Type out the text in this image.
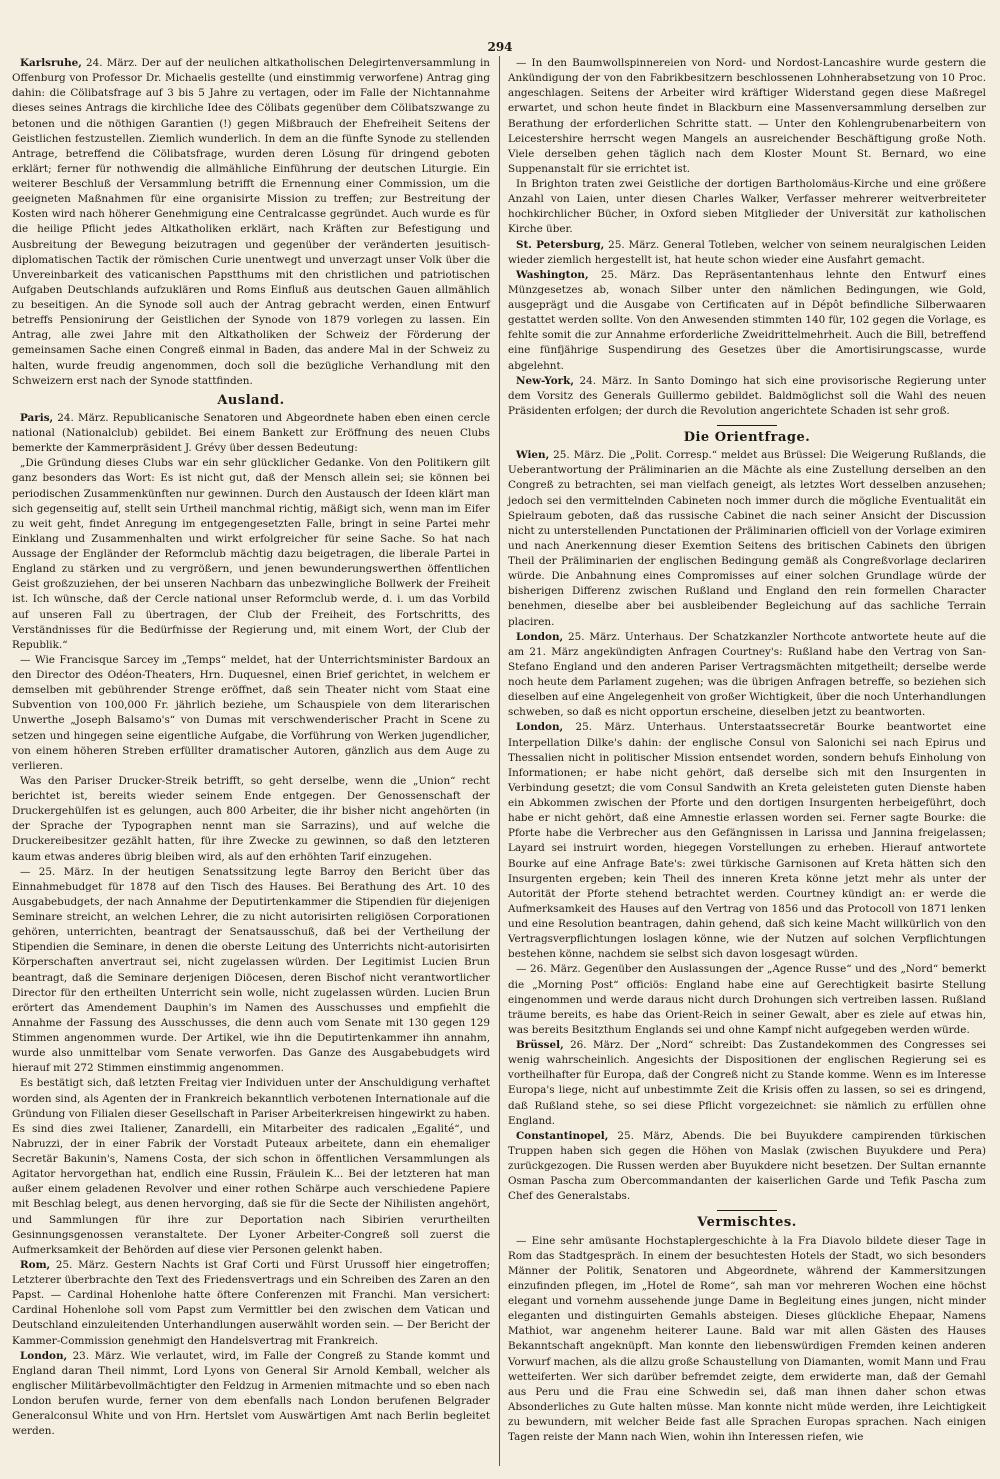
294

Karlsruhe, 24. März. Der auf der neulichen altkatholischen Delegirtenversammlung in Offenburg von Professor Dr. Michaelis gestellte (und einstimmig verworfene) Antrag ging dahin: die Cölibatsfrage auf 3 bis 5 Jahre zu vertagen, oder im Falle der Nichtannahme dieses seines Antrags die kirchliche Idee des Cölibats gegenüber dem Cölibatszwange zu betonen und die nöthigen Garantien (!) gegen Mißbrauch der Ehefreiheit Seitens der Geistlichen festzustellen. Ziemlich wunderlich. In dem an die fünfte Synode zu stellenden Antrage, betreffend die Cölibatsfrage, wurden deren Lösung für dringend geboten erklärt; ferner für nothwendig die allmähliche Einführung der deutschen Liturgie. Ein weiterer Beschluß der Versammlung betrifft die Ernennung einer Commission, um die geeigneten Maßnahmen für eine organisirte Mission zu treffen; zur Bestreitung der Kosten wird nach höherer Genehmigung eine Centralcasse gegründet. Auch wurde es für die heilige Pflicht jedes Altkatholiken erklärt, nach Kräften zur Befestigung und Ausbreitung der Bewegung beizutragen und gegenüber der veränderten jesuitisch-diplomatischen Tactik der römischen Curie unentwegt und unverzagt unser Volk über die Unvereinbarkeit des vaticanischen Papstthums mit den christlichen und patriotischen Aufgaben Deutschlands aufzuklären und Roms Einfluß aus deutschen Gauen allmählich zu beseitigen. An die Synode soll auch der Antrag gebracht werden, einen Entwurf betreffs Pensionirung der Geistlichen der Synode von 1879 vorlegen zu lassen. Ein Antrag, alle zwei Jahre mit den Altkatholiken der Schweiz der Förderung der gemeinsamen Sache einen Congreß einmal in Baden, das andere Mal in der Schweiz zu halten, wurde freudig angenommen, doch soll die bezügliche Verhandlung mit den Schweizern erst nach der Synode stattfinden.

Ausland.

Paris, 24. März. Republicanische Senatoren und Abgeordnete haben eben einen cercle national (Nationalclub) gebildet. Bei einem Bankett zur Eröffnung des neuen Clubs bemerkte der Kammerpräsident J. Grévy über dessen Bedeutung:

„Die Gründung dieses Clubs war ein sehr glücklicher Gedanke. Von den Politikern gilt ganz besonders das Wort: Es ist nicht gut, daß der Mensch allein sei; sie können bei periodischen Zusammenkünften nur gewinnen. Durch den Austausch der Ideen klärt man sich gegenseitig auf, stellt sein Urtheil manchmal richtig, mäßigt sich, wenn man im Eifer zu weit geht, findet Anregung im entgegengesetzten Falle, bringt in seine Partei mehr Einklang und Zusammenhalten und wirkt erfolgreicher für seine Sache. So hat nach Aussage der Engländer der Reformclub mächtig dazu beigetragen, die liberale Partei in England zu stärken und zu vergrößern, und jenen bewunderungswerthen öffentlichen Geist großzuziehen, der bei unseren Nachbarn das unbezwingliche Bollwerk der Freiheit ist. Ich wünsche, daß der Cercle national unser Reformclub werde, d. i. um das Vorbild auf unseren Fall zu übertragen, der Club der Freiheit, des Fortschritts, des Verständnisses für die Bedürfnisse der Regierung und, mit einem Wort, der Club der Republik.“

— Wie Francisque Sarcey im „Temps“ meldet, hat der Unterrichtsminister Bardoux an den Director des Odéon-Theaters, Hrn. Duquesnel, einen Brief gerichtet, in welchem er demselben mit gebührender Strenge eröffnet, daß sein Theater nicht vom Staat eine Subvention von 100,000 Fr. jährlich beziehe, um Schauspiele von dem literarischen Unwerthe „Joseph Balsamo's“ von Dumas mit verschwenderischer Pracht in Scene zu setzen und hingegen seine eigentliche Aufgabe, die Vorführung von Werken jugendlicher, von einem höheren Streben erfüllter dramatischer Autoren, gänzlich aus dem Auge zu verlieren.

Was den Pariser Drucker-Streik betrifft, so geht derselbe, wenn die „Union“ recht berichtet ist, bereits wieder seinem Ende entgegen. Der Genossenschaft der Druckergehülfen ist es gelungen, auch 800 Arbeiter, die ihr bisher nicht angehörten (in der Sprache der Typographen nennt man sie Sarrazins), und auf welche die Druckereibesitzer gezählt hatten, für ihre Zwecke zu gewinnen, so daß den letzteren kaum etwas anderes übrig bleiben wird, als auf den erhöhten Tarif einzugehen.

— 25. März. In der heutigen Senatssitzung legte Barroy den Bericht über das Einnahmebudget für 1878 auf den Tisch des Hauses. Bei Berathung des Art. 10 des Ausgabebudgets, der nach Annahme der Deputirtenkammer die Stipendien für diejenigen Seminare streicht, an welchen Lehrer, die zu nicht autorisirten religiösen Corporationen gehören, unterrichten, beantragt der Senatsausschuß, daß bei der Vertheilung der Stipendien die Seminare, in denen die oberste Leitung des Unterrichts nicht-autorisirten Körperschaften anvertraut sei, nicht zugelassen würden. Der Legitimist Lucien Brun beantragt, daß die Seminare derjenigen Diöcesen, deren Bischof nicht verantwortlicher Director für den ertheilten Unterricht sein wolle, nicht zugelassen würden. Lucien Brun erörtert das Amendement Dauphin's im Namen des Ausschusses und empfiehlt die Annahme der Fassung des Ausschusses, die denn auch vom Senate mit 130 gegen 129 Stimmen angenommen wurde. Der Artikel, wie ihn die Deputirtenkammer ihn annahm, wurde also unmittelbar vom Senate verworfen. Das Ganze des Ausgabebudgets wird hierauf mit 272 Stimmen einstimmig angenommen.

Es bestätigt sich, daß letzten Freitag vier Individuen unter der Anschuldigung verhaftet worden sind, als Agenten der in Frankreich bekanntlich verbotenen Internationale auf die Gründung von Filialen dieser Gesellschaft in Pariser Arbeiterkreisen hingewirkt zu haben. Es sind dies zwei Italiener, Zanardelli, ein Mitarbeiter des radicalen „Egalité“, und Nabruzzi, der in einer Fabrik der Vorstadt Puteaux arbeitete, dann ein ehemaliger Secretär Bakunin's, Namens Costa, der sich schon in öffentlichen Versammlungen als Agitator hervorgethan hat, endlich eine Russin, Fräulein K... Bei der letzteren hat man außer einem geladenen Revolver und einer rothen Schärpe auch verschiedene Papiere mit Beschlag belegt, aus denen hervorging, daß sie für die Secte der Nihilisten angehört, und Sammlungen für ihre zur Deportation nach Sibirien verurtheilten Gesinnungsgenossen veranstaltete. Der Lyoner Arbeiter-Congreß soll zuerst die Aufmerksamkeit der Behörden auf diese vier Personen gelenkt haben.

Rom, 25. März. Gestern Nachts ist Graf Corti und Fürst Urussoff hier eingetroffen; Letzterer überbrachte den Text des Friedensvertrags und ein Schreiben des Zaren an den Papst. — Cardinal Hohenlohe hatte öftere Conferenzen mit Franchi. Man versichert: Cardinal Hohenlohe soll vom Papst zum Vermittler bei den zwischen dem Vatican und Deutschland einzuleitenden Unterhandlungen auserwählt worden sein. — Der Bericht der Kammer-Commission genehmigt den Handelsvertrag mit Frankreich.

London, 23. März. Wie verlautet, wird, im Falle der Congreß zu Stande kommt und England daran Theil nimmt, Lord Lyons von General Sir Arnold Kemball, welcher als englischer Militärbevollmächtigter den Feldzug in Armenien mitmachte und so eben nach London berufen wurde, ferner von dem ebenfalls nach London berufenen Belgrader Generalconsul White und von Hrn. Hertslet vom Auswärtigen Amt nach Berlin begleitet werden.

— In den Baumwollspinnereien von Nord- und Nordost-Lancashire wurde gestern die Ankündigung der von den Fabrikbesitzern beschlossenen Lohnherabsetzung von 10 Proc. angeschlagen. Seitens der Arbeiter wird kräftiger Widerstand gegen diese Maßregel erwartet, und schon heute findet in Blackburn eine Massenversammlung derselben zur Berathung der erforderlichen Schritte statt. — Unter den Kohlengrubenarbeitern von Leicestershire herrscht wegen Mangels an ausreichender Beschäftigung große Noth. Viele derselben gehen täglich nach dem Kloster Mount St. Bernard, wo eine Suppenanstalt für sie errichtet ist.

In Brighton traten zwei Geistliche der dortigen Bartholomäus-Kirche und eine größere Anzahl von Laien, unter diesen Charles Walker, Verfasser mehrerer weitverbreiteter hochkirchlicher Bücher, in Oxford sieben Mitglieder der Universität zur katholischen Kirche über.

St. Petersburg, 25. März. General Totleben, welcher von seinem neuralgischen Leiden wieder ziemlich hergestellt ist, hat heute schon wieder eine Ausfahrt gemacht.

Washington, 25. März. Das Repräsentantenhaus lehnte den Entwurf eines Münzgesetzes ab, wonach Silber unter den nämlichen Bedingungen, wie Gold, ausgeprägt und die Ausgabe von Certificaten auf in Dépôt befindliche Silberwaaren gestattet werden sollte. Von den Anwesenden stimmten 140 für, 102 gegen die Vorlage, es fehlte somit die zur Annahme erforderliche Zweidrittelmehrheit. Auch die Bill, betreffend eine fünfjährige Suspendirung des Gesetzes über die Amortisirungscasse, wurde abgelehnt.

New-York, 24. März. In Santo Domingo hat sich eine provisorische Regierung unter dem Vorsitz des Generals Guillermo gebildet. Baldmöglichst soll die Wahl des neuen Präsidenten erfolgen; der durch die Revolution angerichtete Schaden ist sehr groß.

Die Orientfrage.

Wien, 25. März. Die „Polit. Corresp.“ meldet aus Brüssel: Die Weigerung Rußlands, die Ueberantwortung der Präliminarien an die Mächte als eine Zustellung derselben an den Congreß zu betrachten, sei man vielfach geneigt, als letztes Wort desselben anzusehen; jedoch sei den vermittelnden Cabineten noch immer durch die mögliche Eventualität ein Spielraum geboten, daß das russische Cabinet die nach seiner Ansicht der Discussion nicht zu unterstellenden Punctationen der Präliminarien officiell von der Vorlage eximiren und nach Anerkennung dieser Exemtion Seitens des britischen Cabinets den übrigen Theil der Präliminarien der englischen Bedingung gemäß als Congreßvorlage declariren würde. Die Anbahnung eines Compromisses auf einer solchen Grundlage würde der bisherigen Differenz zwischen Rußland und England den rein formellen Character benehmen, dieselbe aber bei ausbleibender Begleichung auf das sachliche Terrain placiren.

London, 25. März. Unterhaus. Der Schatzkanzler Northcote antwortete heute auf die am 21. März angekündigten Anfragen Courtney's: Rußland habe den Vertrag von San-Stefano England und den anderen Pariser Vertragsmächten mitgetheilt; derselbe werde noch heute dem Parlament zugehen; was die übrigen Anfragen betreffe, so beziehen sich dieselben auf eine Angelegenheit von großer Wichtigkeit, über die noch Unterhandlungen schweben, so daß es nicht opportun erscheine, dieselben jetzt zu beantworten.

London, 25. März. Unterhaus. Unterstaatssecretär Bourke beantwortet eine Interpellation Dilke's dahin: der englische Consul von Salonichi sei nach Epirus und Thessalien nicht in politischer Mission entsendet worden, sondern behufs Einholung von Informationen; er habe nicht gehört, daß derselbe sich mit den Insurgenten in Verbindung gesetzt; die vom Consul Sandwith an Kreta geleisteten guten Dienste haben ein Abkommen zwischen der Pforte und den dortigen Insurgenten herbeigeführt, doch habe er nicht gehört, daß eine Amnestie erlassen worden sei. Ferner sagte Bourke: die Pforte habe die Verbrecher aus den Gefängnissen in Larissa und Jannina freigelassen; Layard sei instruirt worden, hiegegen Vorstellungen zu erheben. Hierauf antwortete Bourke auf eine Anfrage Bate's: zwei türkische Garnisonen auf Kreta hätten sich den Insurgenten ergeben; kein Theil des inneren Kreta könne jetzt mehr als unter der Autorität der Pforte stehend betrachtet werden. Courtney kündigt an: er werde die Aufmerksamkeit des Hauses auf den Vertrag von 1856 und das Protocoll von 1871 lenken und eine Resolution beantragen, dahin gehend, daß sich keine Macht willkürlich von den Vertragsverpflichtungen loslagen könne, wie der Nutzen auf solchen Verpflichtungen bestehen könne, nachdem sie selbst sich davon losgesagt würden.

— 26. März. Gegenüber den Auslassungen der „Agence Russe“ und des „Nord“ bemerkt die „Morning Post“ officiös: England habe eine auf Gerechtigkeit basirte Stellung eingenommen und werde daraus nicht durch Drohungen sich vertreiben lassen. Rußland träume bereits, es habe das Orient-Reich in seiner Gewalt, aber es ziele auf etwas hin, was bereits Besitzthum Englands sei und ohne Kampf nicht aufgegeben werden würde.

Brüssel, 26. März. Der „Nord“ schreibt: Das Zustandekommen des Congresses sei wenig wahrscheinlich. Angesichts der Dispositionen der englischen Regierung sei es vortheilhafter für Europa, daß der Congreß nicht zu Stande komme. Wenn es im Interesse Europa's liege, nicht auf unbestimmte Zeit die Krisis offen zu lassen, so sei es dringend, daß Rußland stehe, so sei diese Pflicht vorgezeichnet: sie nämlich zu erfüllen ohne England.

Constantinopel, 25. März, Abends. Die bei Buyukdere campirenden türkischen Truppen haben sich gegen die Höhen von Maslak (zwischen Buyukdere und Pera) zurückgezogen. Die Russen werden aber Buyukdere nicht besetzen. Der Sultan ernannte Osman Pascha zum Obercommandanten der kaiserlichen Garde und Tefik Pascha zum Chef des Generalstabs.

Vermischtes.

— Eine sehr amüsante Hochstaplergeschichte à la Fra Diavolo bildete dieser Tage in Rom das Stadtgespräch. In einem der besuchtesten Hotels der Stadt, wo sich besonders Männer der Politik, Senatoren und Abgeordnete, während der Kammersitzungen einzufinden pflegen, im „Hotel de Rome“, sah man vor mehreren Wochen eine höchst elegant und vornehm aussehende junge Dame in Begleitung eines jungen, nicht minder eleganten und distinguirten Gemahls absteigen. Dieses glückliche Ehepaar, Namens Mathiot, war angenehm heiterer Laune. Bald war mit allen Gästen des Hauses Bekanntschaft angeknüpft. Man konnte den liebenswürdigen Fremden keinen anderen Vorwurf machen, als die allzu große Schaustellung von Diamanten, womit Mann und Frau wetteiferten. Wer sich darüber befremdet zeigte, dem erwiderte man, daß der Gemahl aus Peru und die Frau eine Schwedin sei, daß man ihnen daher schon etwas Absonderliches zu Gute halten müsse. Man konnte nicht müde werden, ihre Leichtigkeit zu bewundern, mit welcher Beide fast alle Sprachen Europas sprachen. Nach einigen Tagen reiste der Mann nach Wien, wohin ihn Interessen riefen, wie
